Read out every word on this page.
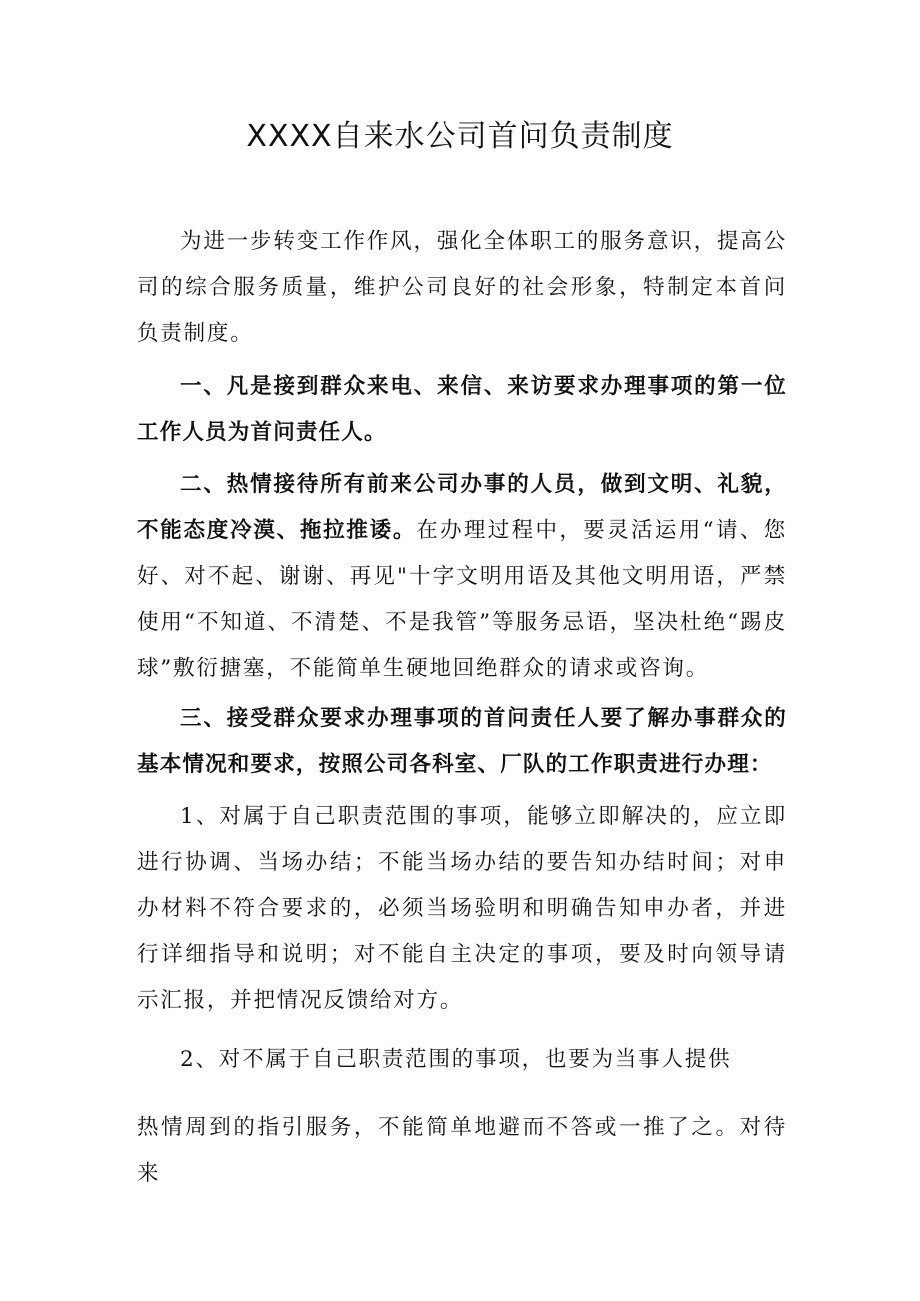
XXXX自来水公司首问负责制度
为进一步转变工作作风，强化全体职工的服务意识，提高公司的综合服务质量，维护公司良好的社会形象，特制定本首问负责制度。
一、凡是接到群众来电、来信、来访要求办理事项的第一位工作人员为首问责任人。
二、热情接待所有前来公司办事的人员，做到文明、礼貌，不能态度冷漠、拖拉推诿。在办理过程中，要灵活运用“请、您好、对不起、谢谢、再见"十字文明用语及其他文明用语，严禁使用“不知道、不清楚、不是我管”等服务忌语，坚决杜绝“踢皮球”敷衍搪塞，不能简单生硬地回绝群众的请求或咨询。
三、接受群众要求办理事项的首问责任人要了解办事群众的基本情况和要求，按照公司各科室、厂队的工作职责进行办理：
1、对属于自己职责范围的事项，能够立即解决的，应立即进行协调、当场办结；不能当场办结的要告知办结时间；对申办材料不符合要求的，必须当场验明和明确告知申办者，并进行详细指导和说明；对不能自主决定的事项，要及时向领导请示汇报，并把情况反馈给对方。
2、对不属于自己职责范围的事项，也要为当事人提供
热情周到的指引服务，不能简单地避而不答或一推了之。对待来
